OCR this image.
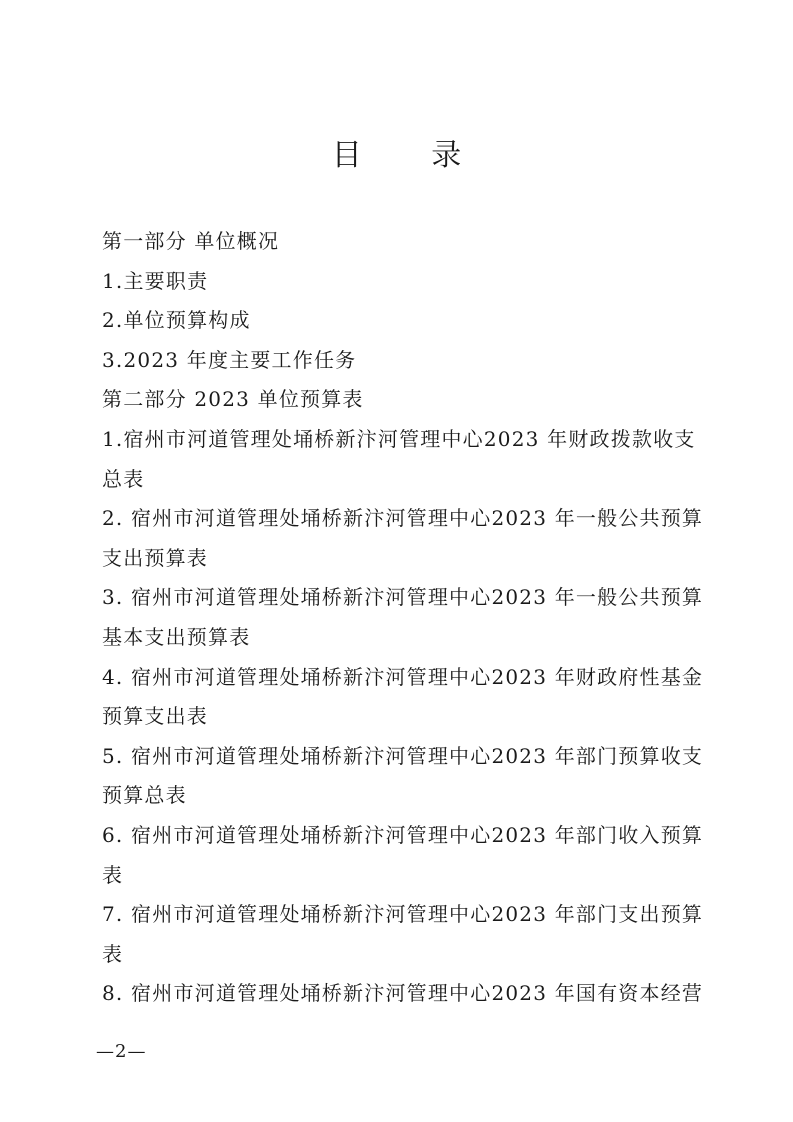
目 录
第一部分 单位概况
1.主要职责
2.单位预算构成
3.2023 年度主要工作任务
第二部分 2023 单位预算表
1.宿州市河道管理处埇桥新汴河管理中心2023 年财政拨款收支
总表
2. 宿州市河道管理处埇桥新汴河管理中心2023 年一般公共预算
支出预算表
3. 宿州市河道管理处埇桥新汴河管理中心2023 年一般公共预算
基本支出预算表
4. 宿州市河道管理处埇桥新汴河管理中心2023 年财政府性基金
预算支出表
5. 宿州市河道管理处埇桥新汴河管理中心2023 年部门预算收支
预算总表
6. 宿州市河道管理处埇桥新汴河管理中心2023 年部门收入预算
表
7. 宿州市河道管理处埇桥新汴河管理中心2023 年部门支出预算
表
8. 宿州市河道管理处埇桥新汴河管理中心2023 年国有资本经营
—2—
